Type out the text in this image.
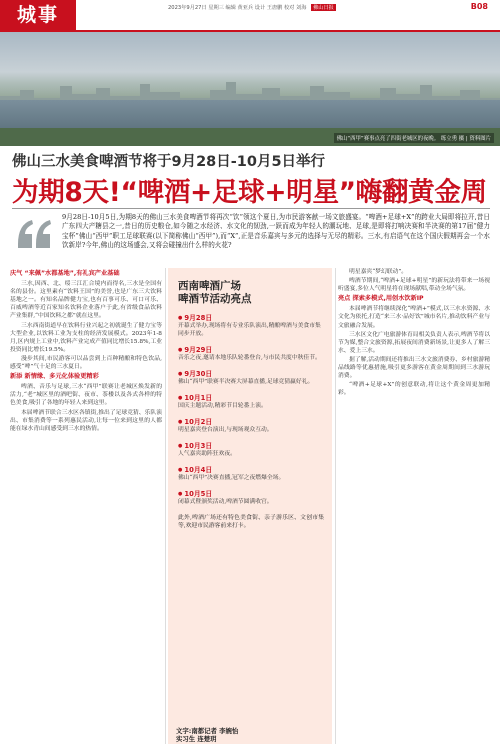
城事	2023年9月27日 星期三 编辑 黄亚兵 设计 王唐鹏 校对 刘海 佛山日报	B08
佛山“西甲”赛事点亮了四街老城区的夜晚。 练立勇 摄 | 资料图片
佛山三水美食啤酒节将于9月28日-10月5日举行
为期8天!“啤酒+足球+明星”嗨翻黄金周
9月28日-10月5日,为期8天的佛山三水美食啤酒节将再次“饮”领这个夏日,为市民游客献一场文旅盛宴。“啤酒+足球+X”的跨业大局即将拉开,昔日广东四大产糖县之一,昔日的历史粮仓,如今随之水经济、水文化的韧劲,一跃而成为年轻人的潮玩地、足球,是即将打响决赛和半决赛的第17届“健力宝杯”佛山“西甲”职工足球联赛(以下简称佛山“西甲”),而“X”,正是音乐嘉宾与多元的选择与无尽的精彩。三水,有启语气在这个国庆假期再会一个水饮新岸?今年,佛山的这场盛会,又将会碰撞出什么样的火花?

庆气 “来佩”水都基地”,有礼宾产业基础

三水,因西、北、绥三江汇合境内而得名,三水是全国有名的县份。这里素有“饮料王国”的美誉,也是广东三大饮料基地之一。有知名品牌健力宝,也有百事可乐、可口可乐、百威啤酒等近百家知名饮料企业落户于此,有省级食品饮料产业集群,“中国饮料之都”就在这里。

三水西南街道早在饮料行业兴起之初就诞生了健力宝等大型企业,以饮料工业为支柱的经济发展模式。2023年1-8月,区内规上工业中,饮料产业完成产值同比增长15.8%,工业投资同比增长19.5%。

漫步其间,市民游客可以品尝到上百种精酿和特色饮品,感受“啤”气十足的三水夏日。

新添 新情缘、多元化体验更精彩

啤酒、音乐与足球,三水“西甲”联赛让老城区焕发新的活力,“老”城区里的酒吧街、夜市、茶楼以及各式各样的特色美食,吸引了各地的年轻人来到这里。

本届啤酒节联合三水区各镇街,推出了足球竞猜、乐队演出、市集消费等一系列惠民活动,让每一位来到这里的人都能在绿水青山间感受到三水的热情。

西南啤酒广场
啤酒节活动亮点
● 9月28日
开幕式举办,现场将有专业乐队演出,精酿啤酒与美食市集同步开放。
● 9月29日
音乐之夜,邀请本地乐队轮番登台,与市民共度中秋佳节。
● 9月30日
佛山“西甲”联赛半决赛大屏幕直播,足球竞猜赢好礼。
● 10月1日
国庆主题活动,精彩节目轮番上演。
● 10月2日
明星嘉宾登台演出,与现场观众互动。
● 10月3日
人气嘉宾助阵狂欢夜。
● 10月4日
佛山“西甲”决赛直播,冠军之夜燃爆全场。
● 10月5日
闭幕式暨颁奖活动,啤酒节圆满收官。
此外,啤酒广场还有特色美食街、亲子游乐区、文创市集等,欢迎市民游客前来打卡。
文字:南都记者 李婉怡
实习生 连楚玥

明星嘉宾“梦幻联动”。

啤酒节期间,“啤酒+足球+明星”的新玩法将带来一场视听盛宴,多位人气明星将在现场献唱,带动全场气氛。

亮点 探索多模式,用创水饮新IP

本届啤酒节将继续深化“啤酒+”模式,以三水水资源、水文化为依托,打造“来三水·品好饮”城市名片,推动饮料产业与文旅融合发展。

三水区文化广电旅游体育局相关负责人表示,啤酒节将以节为媒,整合文旅资源,拓展夜间消费新场景,让更多人了解三水、爱上三水。

据了解,活动期间还将推出三水文旅消费券、乡村旅游精品线路等优惠措施,吸引更多游客在黄金周期间到三水游玩消费。

“啤酒+足球+X”的创意联动,将让这个黄金周更加精彩。
